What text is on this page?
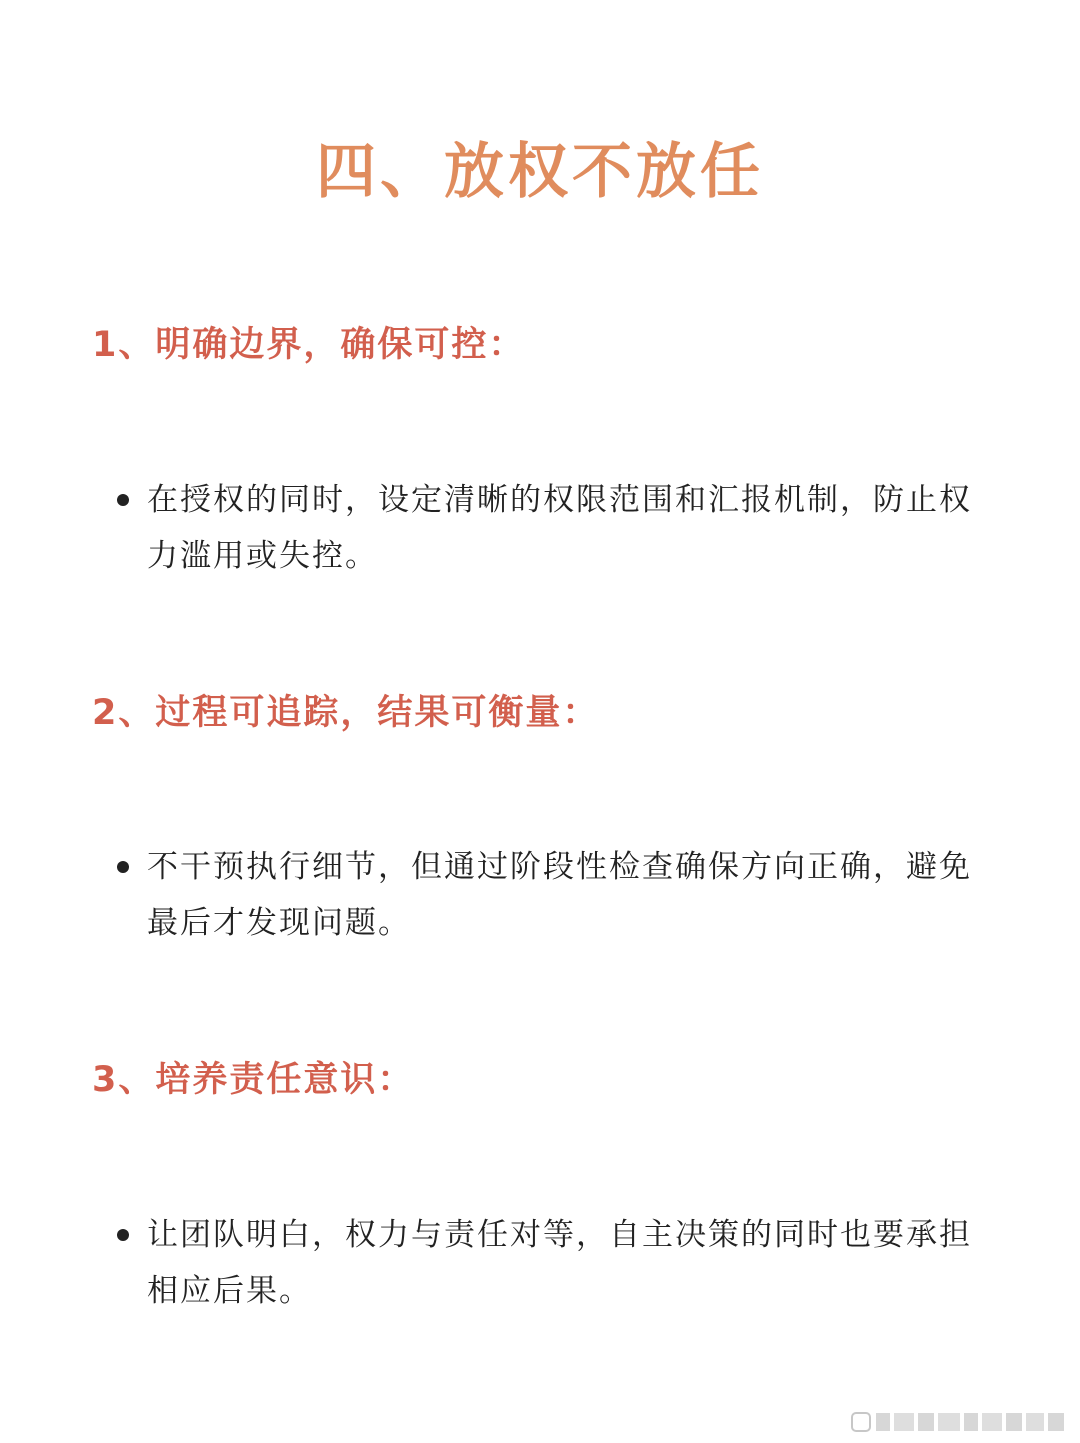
四、放权不放任
1、明确边界，确保可控：
在授权的同时，设定清晰的权限范围和汇报机制，防止权力滥用或失控。
2、过程可追踪，结果可衡量：
不干预执行细节，但通过阶段性检查确保方向正确，避免最后才发现问题。
3、培养责任意识：
让团队明白，权力与责任对等，自主决策的同时也要承担相应后果。
